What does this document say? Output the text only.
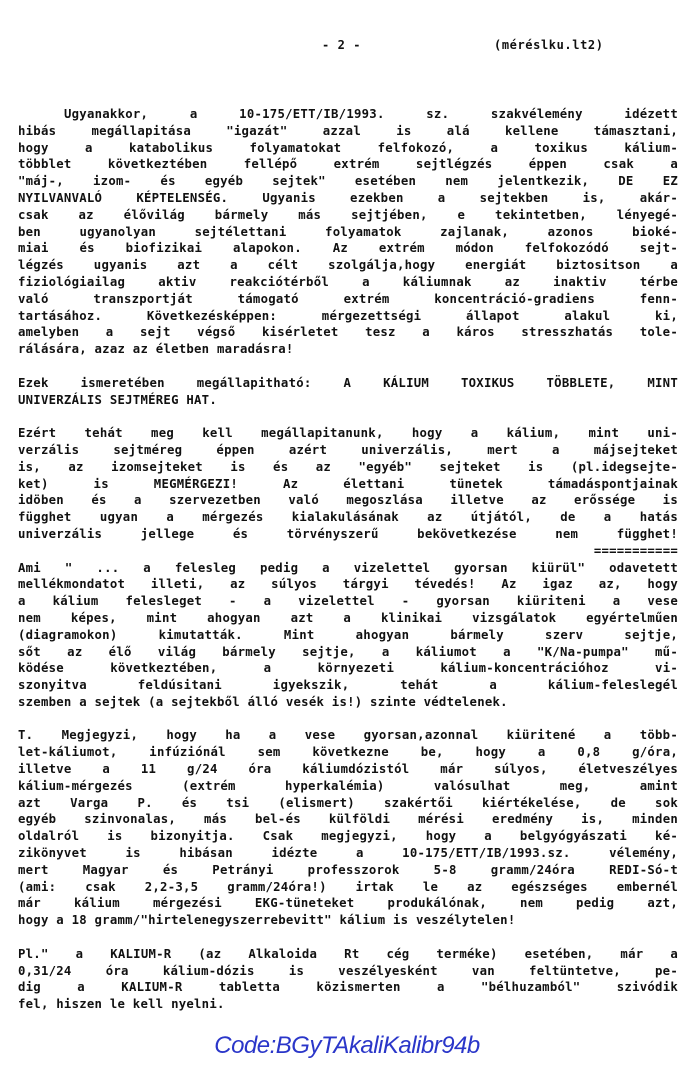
- 2 -	(méréslku.lt2)
Ugyanakkor, a 10-175/ETT/IB/1993. sz. szakvélemény idézett
hibás megállapitása "igazát" azzal is alá kellene támasztani,
hogy a katabolikus folyamatokat felfokozó, a toxikus kálium-
többlet következtében fellépő extrém sejtlégzés éppen csak a
"máj-, izom- és egyéb sejtek" esetében nem jelentkezik, DE EZ
NYILVANVALÓ KÉPTELENSÉG. Ugyanis ezekben a sejtekben is, akár-
csak az élővilág bármely más sejtjében, e tekintetben, lényegé-
ben ugyanolyan sejtélettani folyamatok zajlanak, azonos bioké-
miai és biofizikai alapokon. Az extrém módon felfokozódó sejt-
légzés ugyanis azt a célt szolgálja,hogy energiát biztositson a
fiziológiailag aktiv reakciótérből a káliumnak az inaktiv térbe
való transzportját támogató extrém koncentráció-gradiens fenn-
tartásához. Következésképpen: mérgezettségi állapot alakul ki,
amelyben a sejt végső kisérletet tesz a káros stresszhatás tole-
rálására, azaz az életben maradásra!
Ezek ismeretében megállapitható: A KÁLIUM TOXIKUS TÖBBLETE, MINT
UNIVERZÁLIS SEJTMÉREG HAT.
Ezért tehát meg kell megállapitanunk, hogy a kálium, mint uni-
verzális sejtméreg éppen azért univerzális, mert a májsejteket
is, az izomsejteket is és az "egyéb" sejteket is (pl.idegsejte-
ket) is MEGMÉRGEZI! Az élettani tünetek támadáspontjainak
idöben és a szervezetben való megoszlása illetve az erőssége is
függhet ugyan a mérgezés kialakulásának az útjától, de a hatás
univerzális jellege és törvényszerű bekövetkezése nem függhet!
===========
Ami " ... a felesleg pedig a vizelettel gyorsan kiürül" odavetett
mellékmondatot illeti, az súlyos tárgyi tévedés! Az igaz az, hogy
a kálium felesleget - a vizelettel - gyorsan kiüriteni a vese
nem képes, mint ahogyan azt a klinikai vizsgálatok egyértelműen
(diagramokon) kimutatták. Mint ahogyan bármely szerv sejtje,
sőt az élő világ bármely sejtje, a káliumot a "K/Na-pumpa" mű-
ködése következtében, a környezeti kálium-koncentrációhoz vi-
szonyitva feldúsitani igyekszik, tehát a kálium-feleslegél
szemben a sejtek (a sejtekből álló vesék is!) szinte védtelenek.
T. Megjegyzi, hogy ha a vese gyorsan,azonnal kiüritené a több-
let-káliumot, infúziónál sem következne be, hogy a 0,8 g/óra,
illetve a 11 g/24 óra káliumdózistól már súlyos, életveszélyes
kálium-mérgezés (extrém hyperkalémia) valósulhat meg, amint
azt Varga P. és tsi (elismert) szakértői kiértékelése, de sok
egyéb szinvonalas, más bel-és külföldi mérési eredmény is, minden
oldalról is bizonyitja. Csak megjegyzi, hogy a belgyógyászati ké-
zikönyvet is hibásan idézte a 10-175/ETT/IB/1993.sz. vélemény,
mert Magyar és Petrányi professzorok 5-8 gramm/24óra REDI-Só-t
(ami: csak 2,2-3,5 gramm/24óra!) irtak le az egészséges embernél
már kálium mérgezési EKG-tüneteket produkálónak, nem pedig azt,
hogy a 18 gramm/"hirtelenegyszerrebevitt" kálium is veszélytelen!
Pl." a KALIUM-R (az Alkaloida Rt cég terméke) esetében, már a
0,31/24 óra kálium-dózis is veszélyesként van feltüntetve, pe-
dig a KALIUM-R tabletta közismerten a "bélhuzamból" szivódik
fel, hiszen le kell nyelni.
Code:BGyTAkaliKalibr94b
